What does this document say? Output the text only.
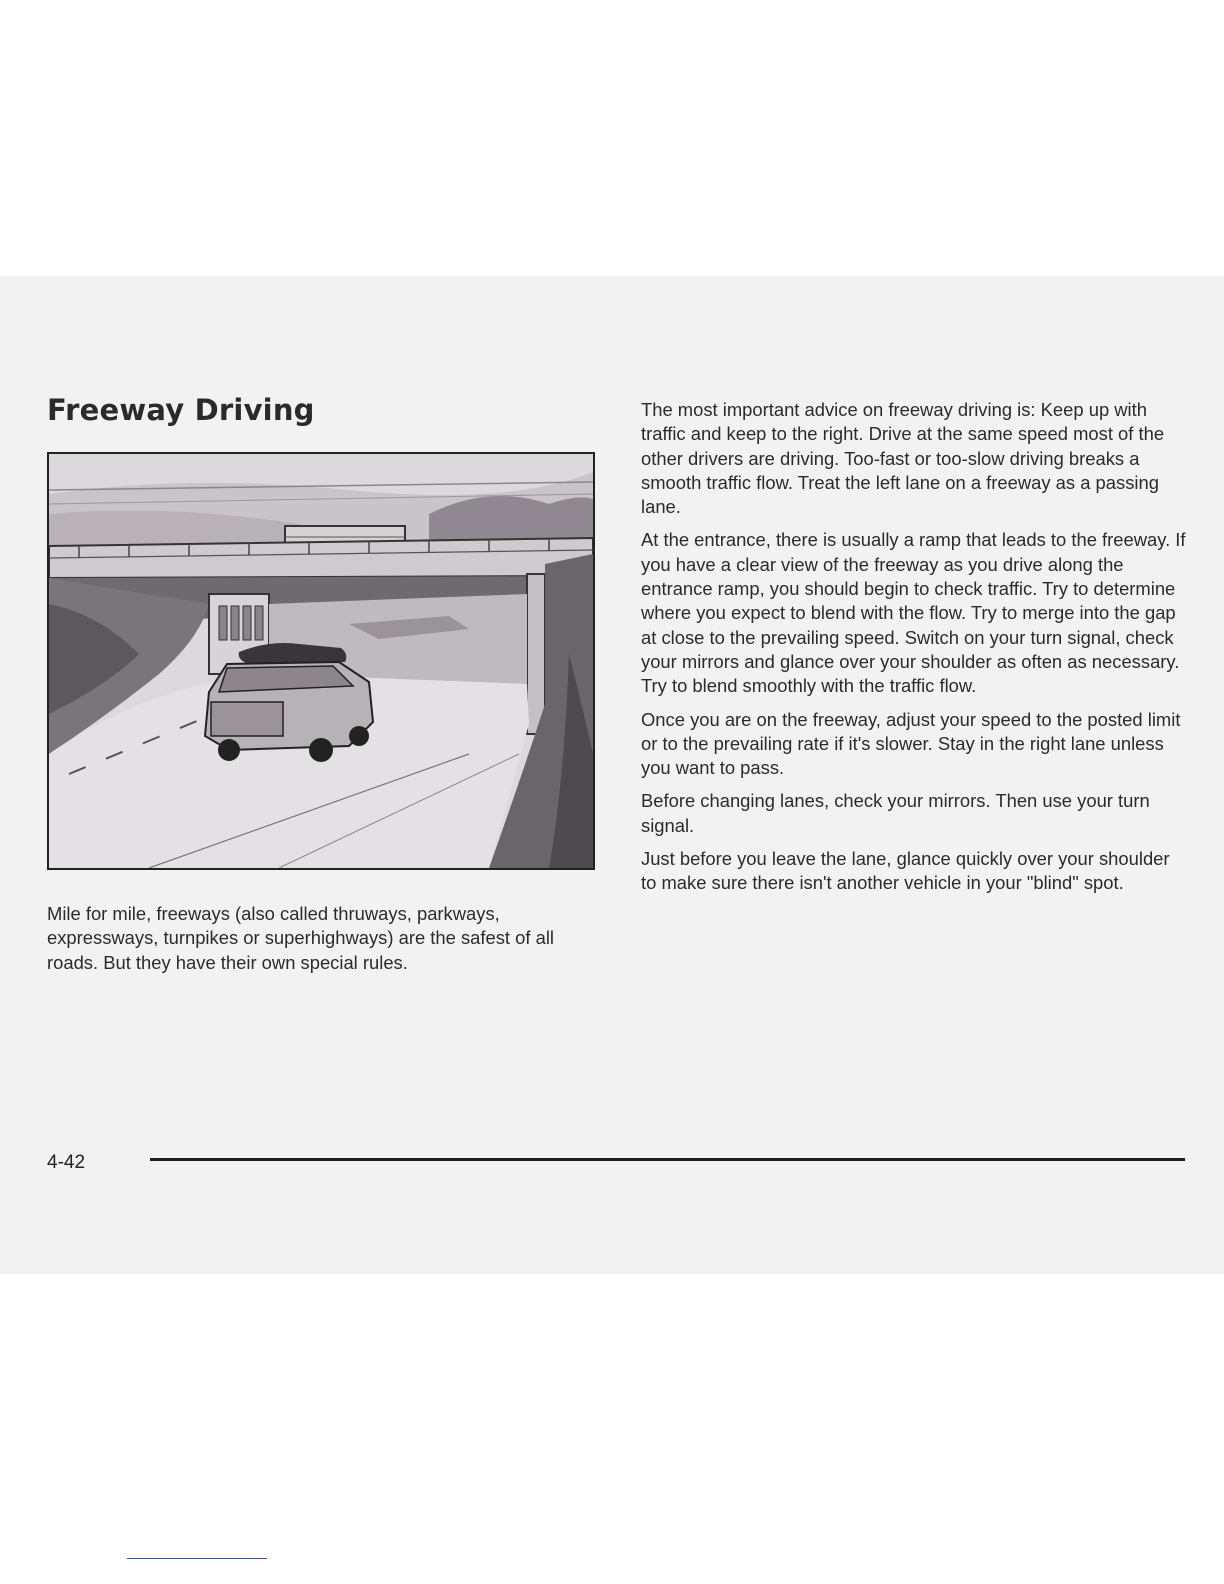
Freeway Driving

Mile for mile, freeways (also called thruways, parkways, expressways, turnpikes or superhighways) are the safest of all roads. But they have their own special rules.

The most important advice on freeway driving is: Keep up with traffic and keep to the right. Drive at the same speed most of the other drivers are driving. Too-fast or too-slow driving breaks a smooth traffic flow. Treat the left lane on a freeway as a passing lane.

At the entrance, there is usually a ramp that leads to the freeway. If you have a clear view of the freeway as you drive along the entrance ramp, you should begin to check traffic. Try to determine where you expect to blend with the flow. Try to merge into the gap at close to the prevailing speed. Switch on your turn signal, check your mirrors and glance over your shoulder as often as necessary. Try to blend smoothly with the traffic flow.

Once you are on the freeway, adjust your speed to the posted limit or to the prevailing rate if it's slower. Stay in the right lane unless you want to pass.

Before changing lanes, check your mirrors. Then use your turn signal.

Just before you leave the lane, glance quickly over your shoulder to make sure there isn't another vehicle in your "blind" spot.

4-42
